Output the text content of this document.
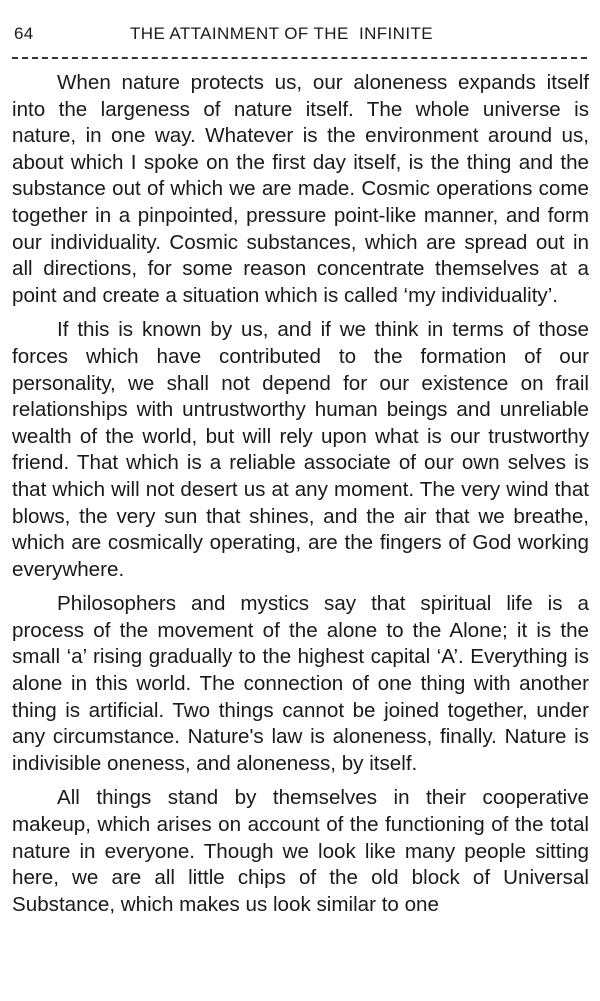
64	THE ATTAINMENT OF THE  INFINITE

When nature protects us, our aloneness expands itself into the largeness of nature itself. The whole universe is nature, in one way. Whatever is the environment around us, about which I spoke on the first day itself, is the thing and the substance out of which we are made. Cosmic operations come together in a pinpointed, pressure point-like manner, and form our individuality. Cosmic substances, which are spread out in all directions, for some reason concentrate themselves at a point and create a situation which is called ‘my individuality’.

If this is known by us, and if we think in terms of those forces which have contributed to the formation of our personality, we shall not depend for our existence on frail relationships with untrustworthy human beings and unreliable wealth of the world, but will rely upon what is our trustworthy friend. That which is a reliable associate of our own selves is that which will not desert us at any moment. The very wind that blows, the very sun that shines, and the air that we breathe, which are cosmically operating, are the fingers of God working everywhere.

Philosophers and mystics say that spiritual life is a process of the movement of the alone to the Alone; it is the small ‘a’ rising gradually to the highest capital ‘A’. Everything is alone in this world. The connection of one thing with another thing is artificial. Two things cannot be joined together, under any circumstance. Nature's law is aloneness, finally. Nature is indivisible oneness, and aloneness, by itself.

All things stand by themselves in their cooperative makeup, which arises on account of the functioning of the total nature in everyone. Though we look like many people sitting here, we are all little chips of the old block of Universal Substance, which makes us look similar to one
